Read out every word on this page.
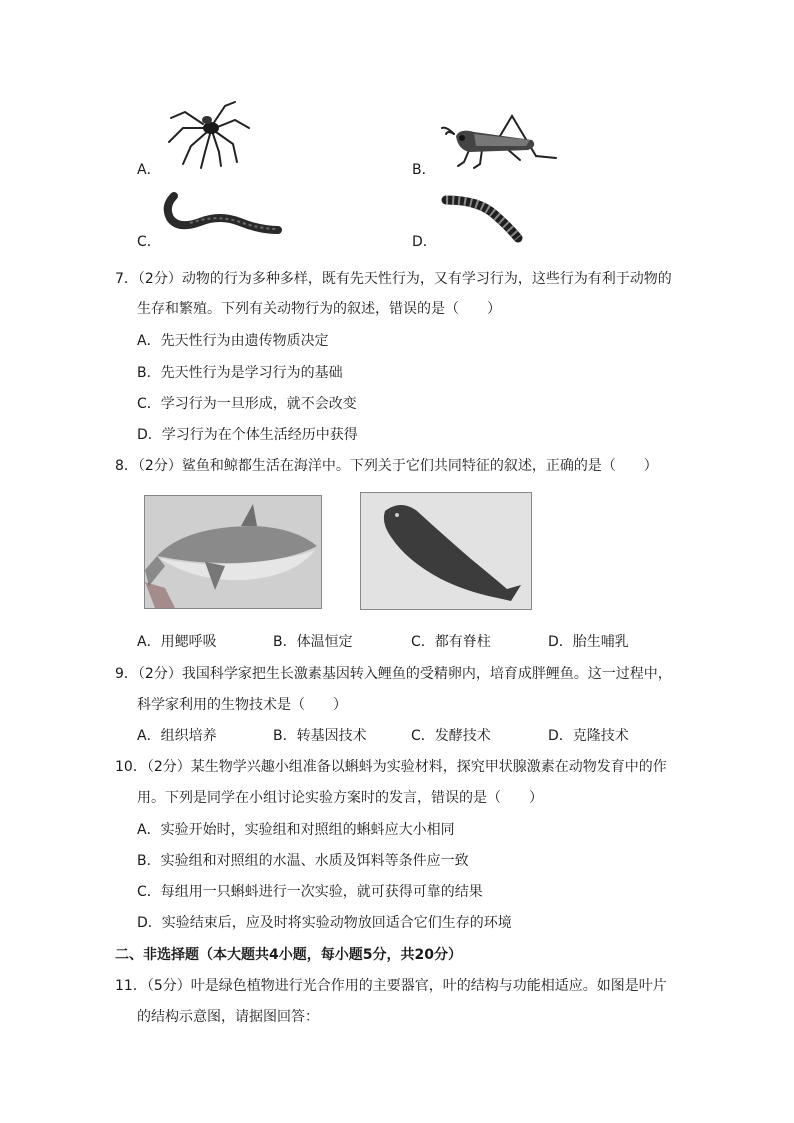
A．	B．
C．	D．
7．（2分）动物的行为多种多样，既有先天性行为，又有学习行为，这些行为有利于动物的
生存和繁殖。下列有关动物行为的叙述，错误的是（　　）
A．先天性行为由遗传物质决定
B．先天性行为是学习行为的基础
C．学习行为一旦形成，就不会改变
D．学习行为在个体生活经历中获得
8．（2分）鲨鱼和鲸都生活在海洋中。下列关于它们共同特征的叙述，正确的是（　　）
A．用鳃呼吸	B．体温恒定	C．都有脊柱	D．胎生哺乳
9．（2分）我国科学家把生长激素基因转入鲤鱼的受精卵内，培育成胖鲤鱼。这一过程中，
科学家利用的生物技术是（　　）
A．组织培养	B．转基因技术	C．发酵技术	D．克隆技术
10．（2分）某生物学兴趣小组准备以蝌蚪为实验材料，探究甲状腺激素在动物发育中的作
用。下列是同学在小组讨论实验方案时的发言，错误的是（　　）
A．实验开始时，实验组和对照组的蝌蚪应大小相同
B．实验组和对照组的水温、水质及饵料等条件应一致
C．每组用一只蝌蚪进行一次实验，就可获得可靠的结果
D．实验结束后，应及时将实验动物放回适合它们生存的环境
二、非选择题（本大题共4小题，每小题5分，共20分）
11．（5分）叶是绿色植物进行光合作用的主要器官，叶的结构与功能相适应。如图是叶片
的结构示意图，请据图回答：
